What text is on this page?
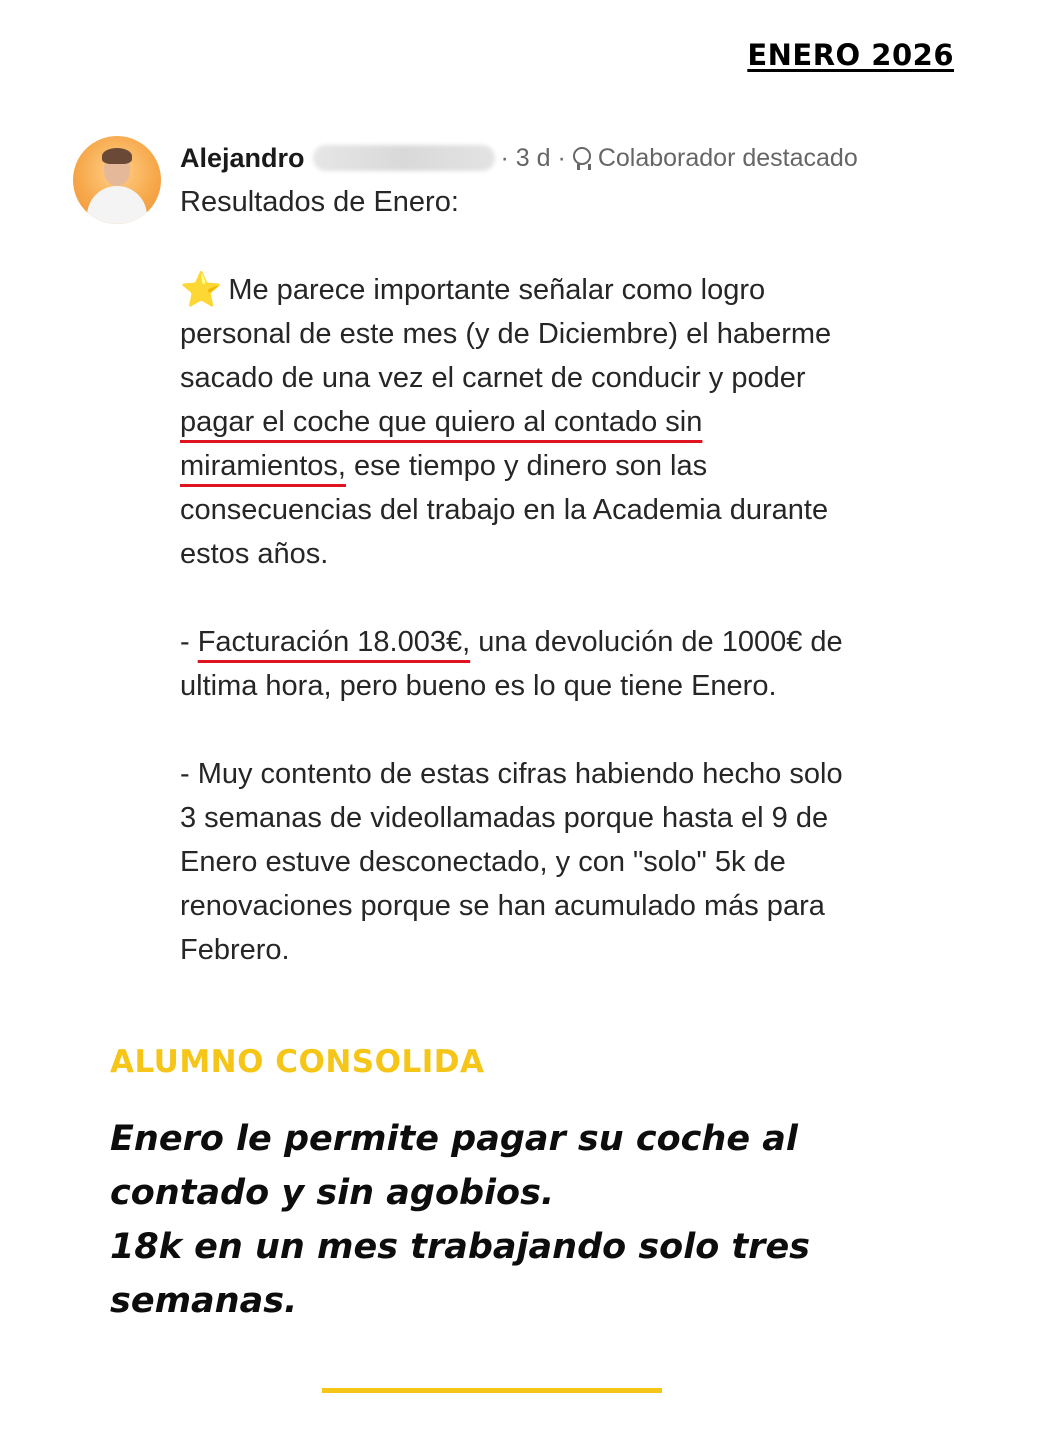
ENERO 2026
Alejandro	· 3 d · Colaborador destacado

Resultados de Enero:

⭐ Me parece importante señalar como logro

personal de este mes (y de Diciembre) el haberme

sacado de una vez el carnet de conducir y poder

pagar el coche que quiero al contado sin

miramientos, ese tiempo y dinero son las

consecuencias del trabajo en la Academia durante

estos años.

- Facturación 18.003€, una devolución de 1000€ de

ultima hora, pero bueno es lo que tiene Enero.

- Muy contento de estas cifras habiendo hecho solo

3 semanas de videollamadas porque hasta el 9 de

Enero estuve desconectado, y con "solo" 5k de

renovaciones porque se han acumulado más para

Febrero.

ALUMNO CONSOLIDA

Enero le permite pagar su coche al

contado y sin agobios.

18k en un mes trabajando solo tres

semanas.
